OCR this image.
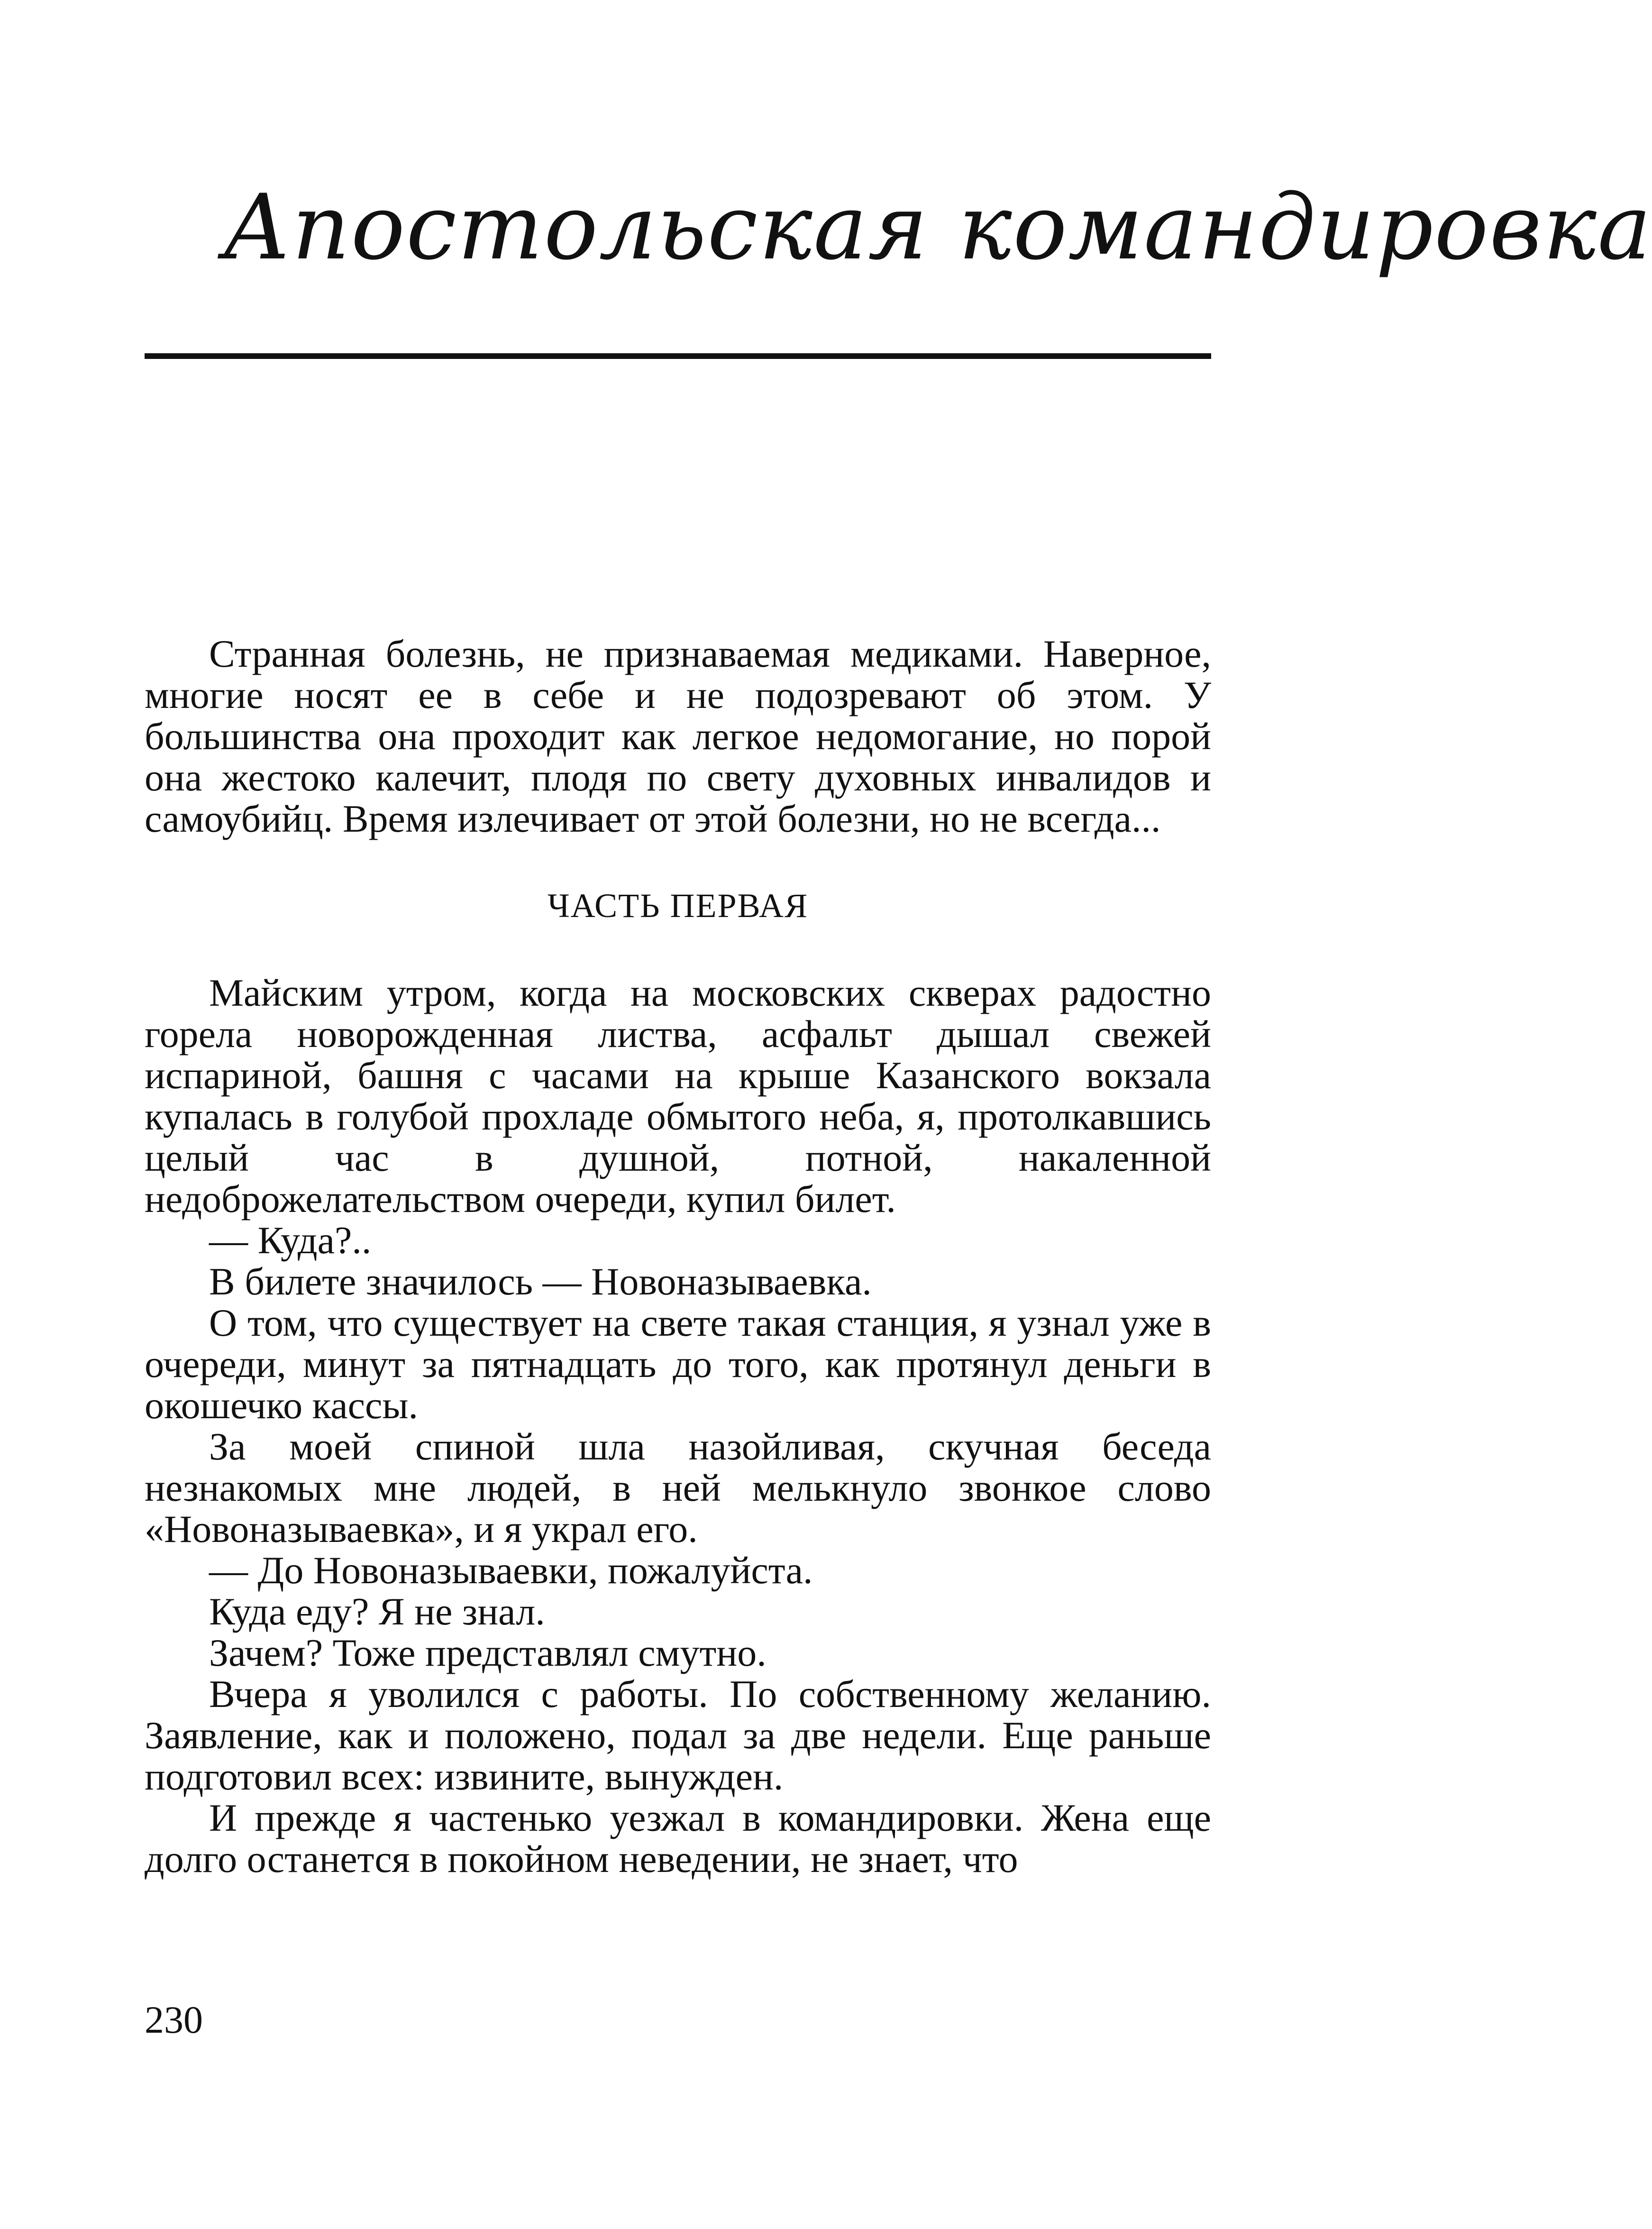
Апостольская командировка

Странная болезнь, не признаваемая медиками. Наверное, многие носят ее в себе и не подозревают об этом. У большинства она проходит как легкое недомогание, но порой она жестоко калечит, плодя по свету духовных инвалидов и самоубийц. Время излечивает от этой болезни, но не всегда...

ЧАСТЬ ПЕРВАЯ

Майским утром, когда на московских скверах радостно горела новорожденная листва, асфальт дышал свежей испариной, башня с часами на крыше Казанского вокзала купалась в голубой прохладе обмытого неба, я, протолкавшись целый час в душной, потной, накаленной недоброжелательством очереди, купил билет.

— Куда?..

В билете значилось — Новоназываевка.

О том, что существует на свете такая станция, я узнал уже в очереди, минут за пятнадцать до того, как протянул деньги в окошечко кассы.

За моей спиной шла назойливая, скучная беседа незнакомых мне людей, в ней мелькнуло звонкое слово «Новоназываевка», и я украл его.

— До Новоназываевки, пожалуйста.

Куда еду? Я не знал.

Зачем? Тоже представлял смутно.

Вчера я уволился с работы. По собственному желанию. Заявление, как и положено, подал за две недели. Еще раньше подготовил всех: извините, вынужден.

И прежде я частенько уезжал в командировки. Жена еще долго останется в покойном неведении, не знает, что

230
